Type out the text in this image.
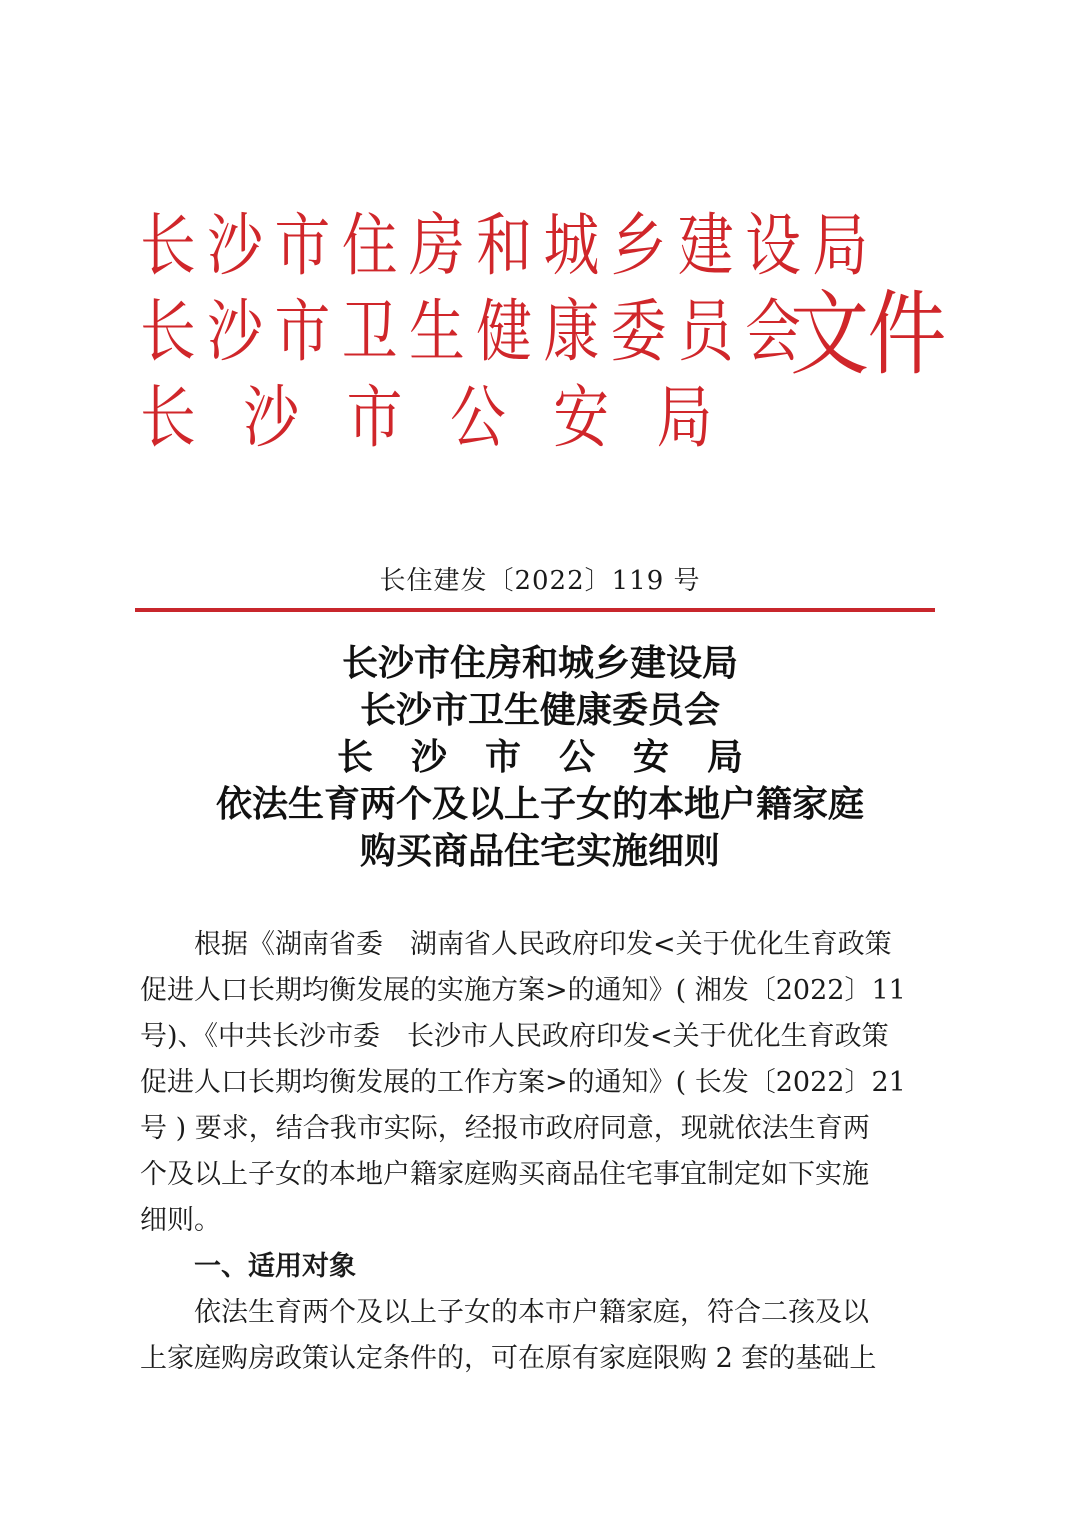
长沙市住房和城乡建设局
长沙市卫生健康委员会
长沙市公安局
文件
长住建发〔2022〕119 号
长沙市住房和城乡建设局
长沙市卫生健康委员会
长沙市公安局
依法生育两个及以上子女的本地户籍家庭
购买商品住宅实施细则

根据《湖南省委　湖南省人民政府印发<关于优化生育政策
促进人口长期均衡发展的实施方案>的通知》( 湘发〔2022〕11
号)、《中共长沙市委　长沙市人民政府印发<关于优化生育政策
促进人口长期均衡发展的工作方案>的通知》( 长发〔2022〕21
号 ) 要求，结合我市实际，经报市政府同意，现就依法生育两
个及以上子女的本地户籍家庭购买商品住宅事宜制定如下实施
细则。

一、适用对象

依法生育两个及以上子女的本市户籍家庭，符合二孩及以
上家庭购房政策认定条件的，可在原有家庭限购 2 套的基础上
